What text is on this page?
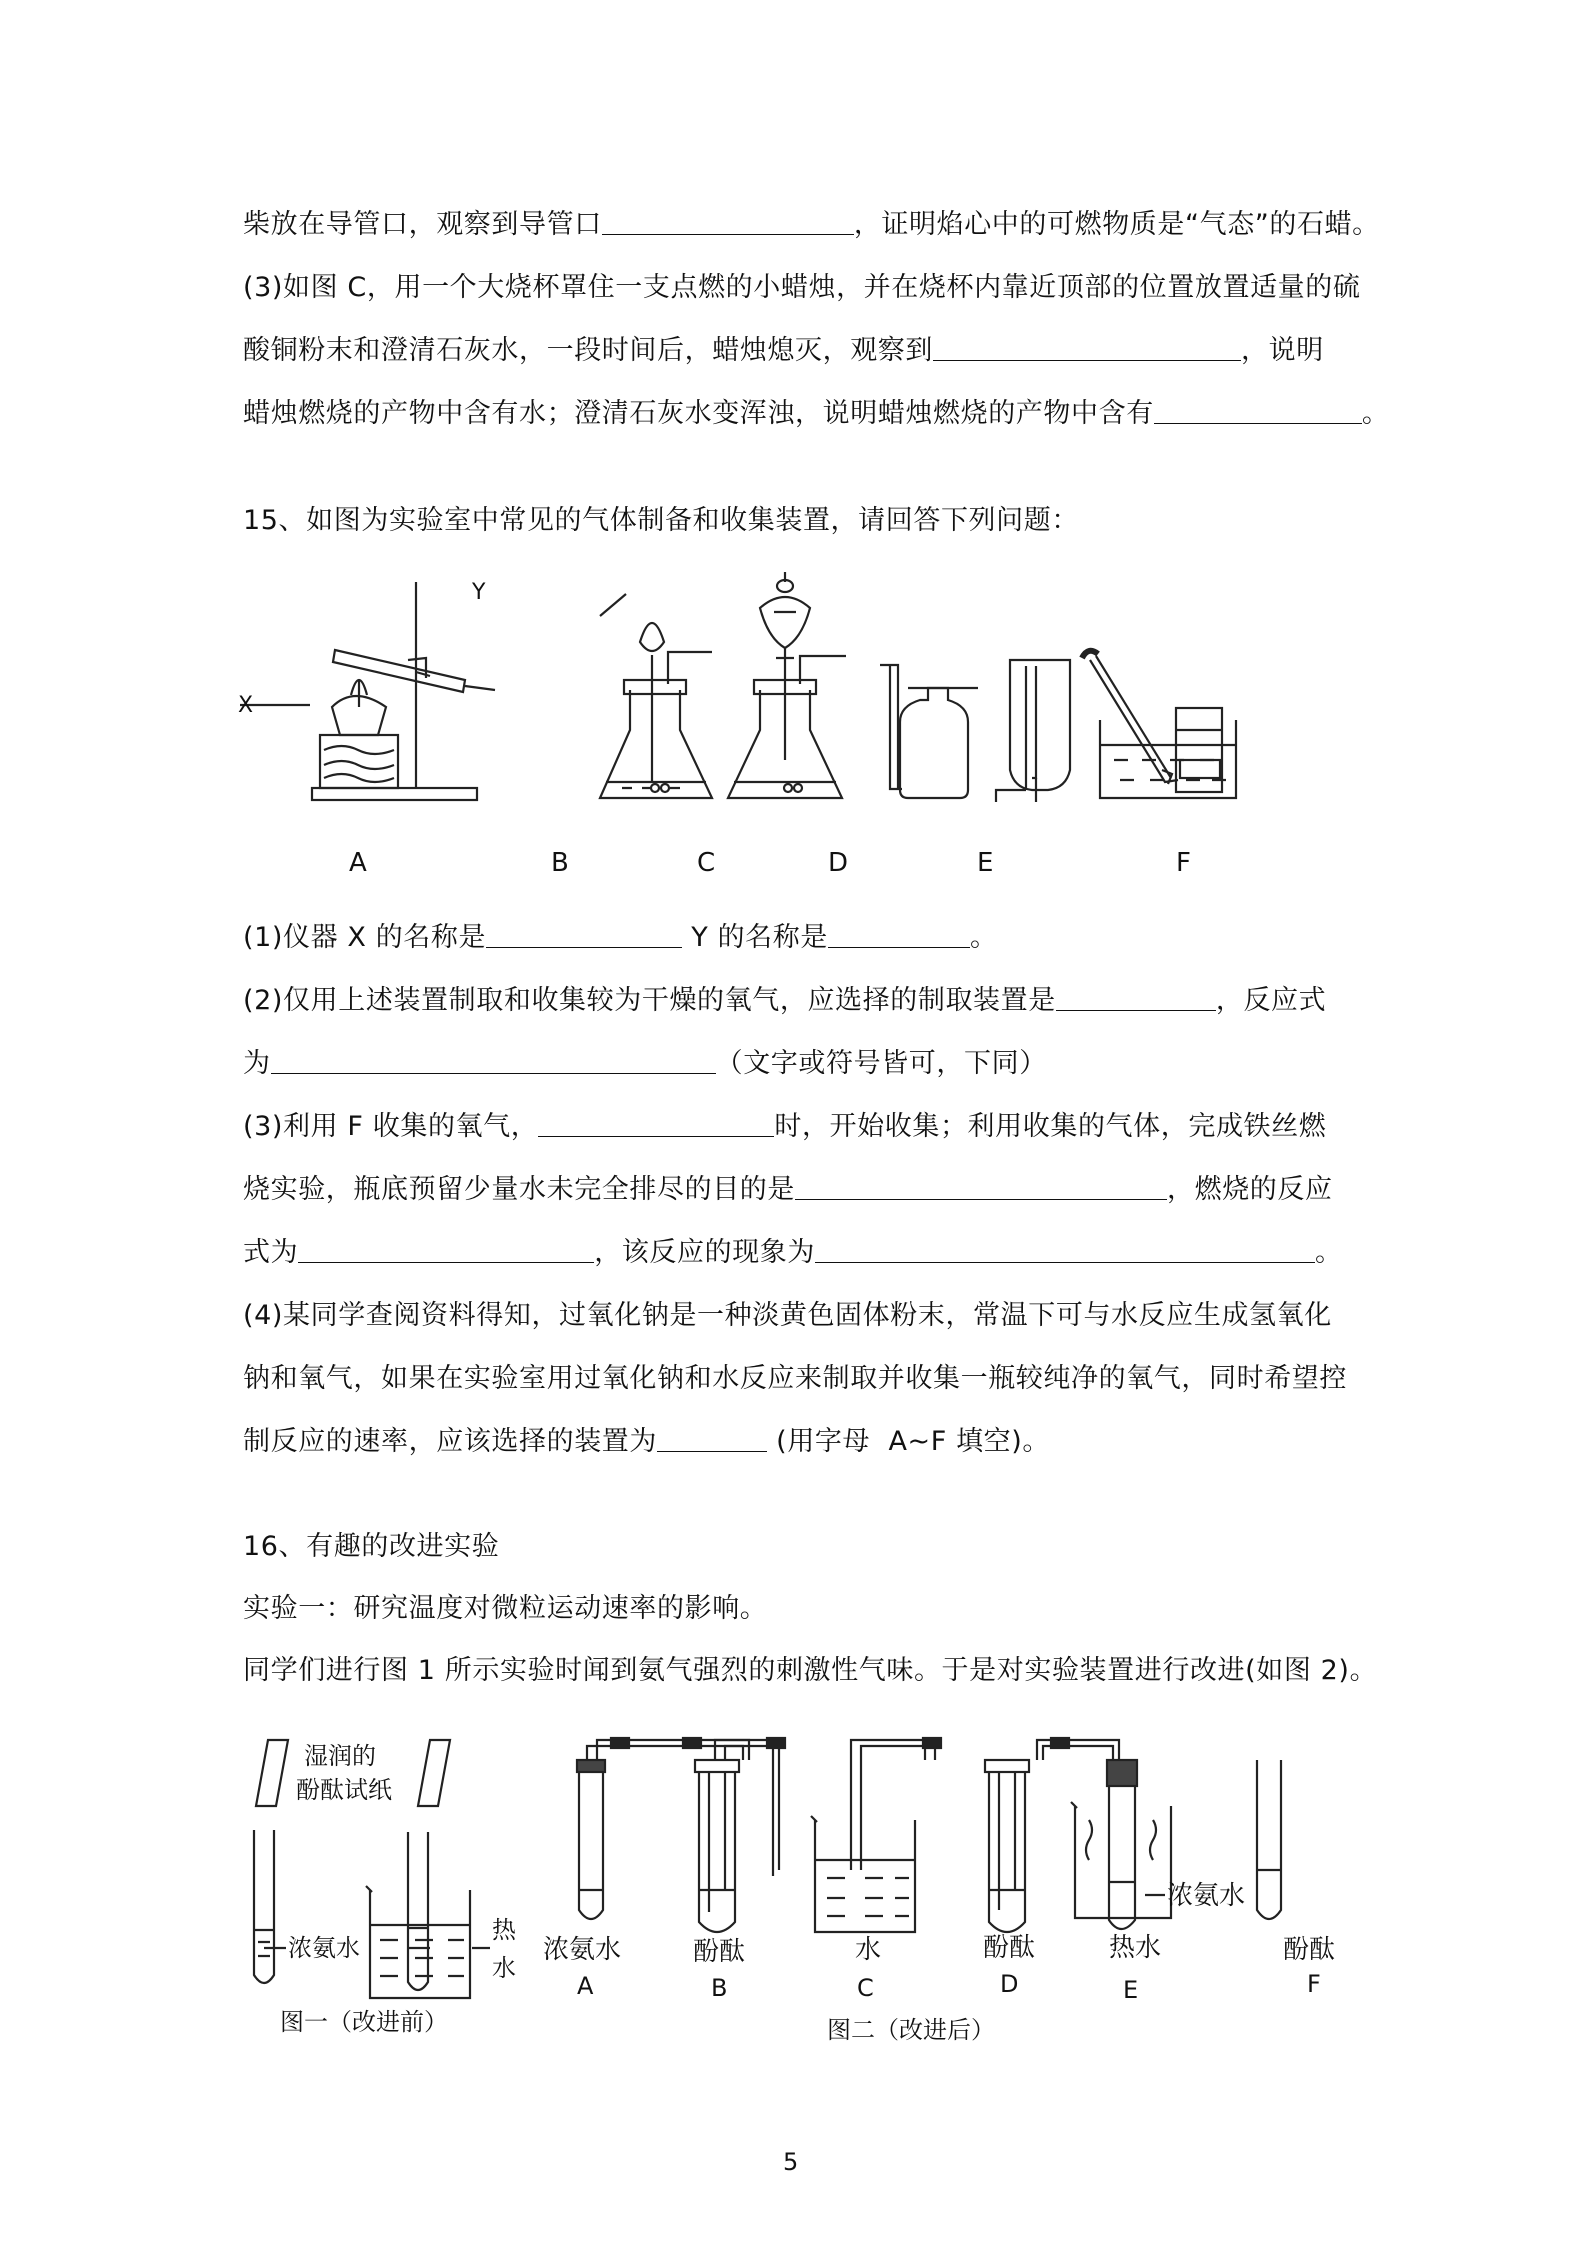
柴放在导管口，观察到导管口	，证明焰心中的可燃物质是“气态”的石蜡。
(3)如图 C，用一个大烧杯罩住一支点燃的小蜡烛，并在烧杯内靠近顶部的位置放置适量的硫
酸铜粉末和澄清石灰水，一段时间后，蜡烛熄灭，观察到	，说明
蜡烛燃烧的产物中含有水；澄清石灰水变浑浊，说明蜡烛燃烧的产物中含有	。
15、如图为实验室中常见的气体制备和收集装置，请回答下列问题：
X
Y
A	B	C	D	E	F
(1)仪器 X 的名称是	Y 的名称是	。
(2)仅用上述装置制取和收集较为干燥的氧气，应选择的制取装置是	，反应式
为	（文字或符号皆可，下同）
(3)利用 F 收集的氧气，	时，开始收集；利用收集的气体，完成铁丝燃
烧实验，瓶底预留少量水未完全排尽的目的是	，燃烧的反应
式为	，该反应的现象为	。
(4)某同学查阅资料得知，过氧化钠是一种淡黄色固体粉末，常温下可与水反应生成氢氧化
钠和氧气，如果在实验室用过氧化钠和水反应来制取并收集一瓶较纯净的氧气，同时希望控
制反应的速率，应该选择的装置为	(用字母  A~F 填空)。
16、有趣的改进实验
实验一：研究温度对微粒运动速率的影响。
同学们进行图 1 所示实验时闻到氨气强烈的刺激性气味。于是对实验装置进行改进(如图 2)。
湿润的
酚酞试纸
浓氨水
热
水
图一（改进前）
浓氨水	酚酞	水	酚酞	热水	酚酞
浓氨水
A	B	C	D	E	F
图二（改进后）
5
